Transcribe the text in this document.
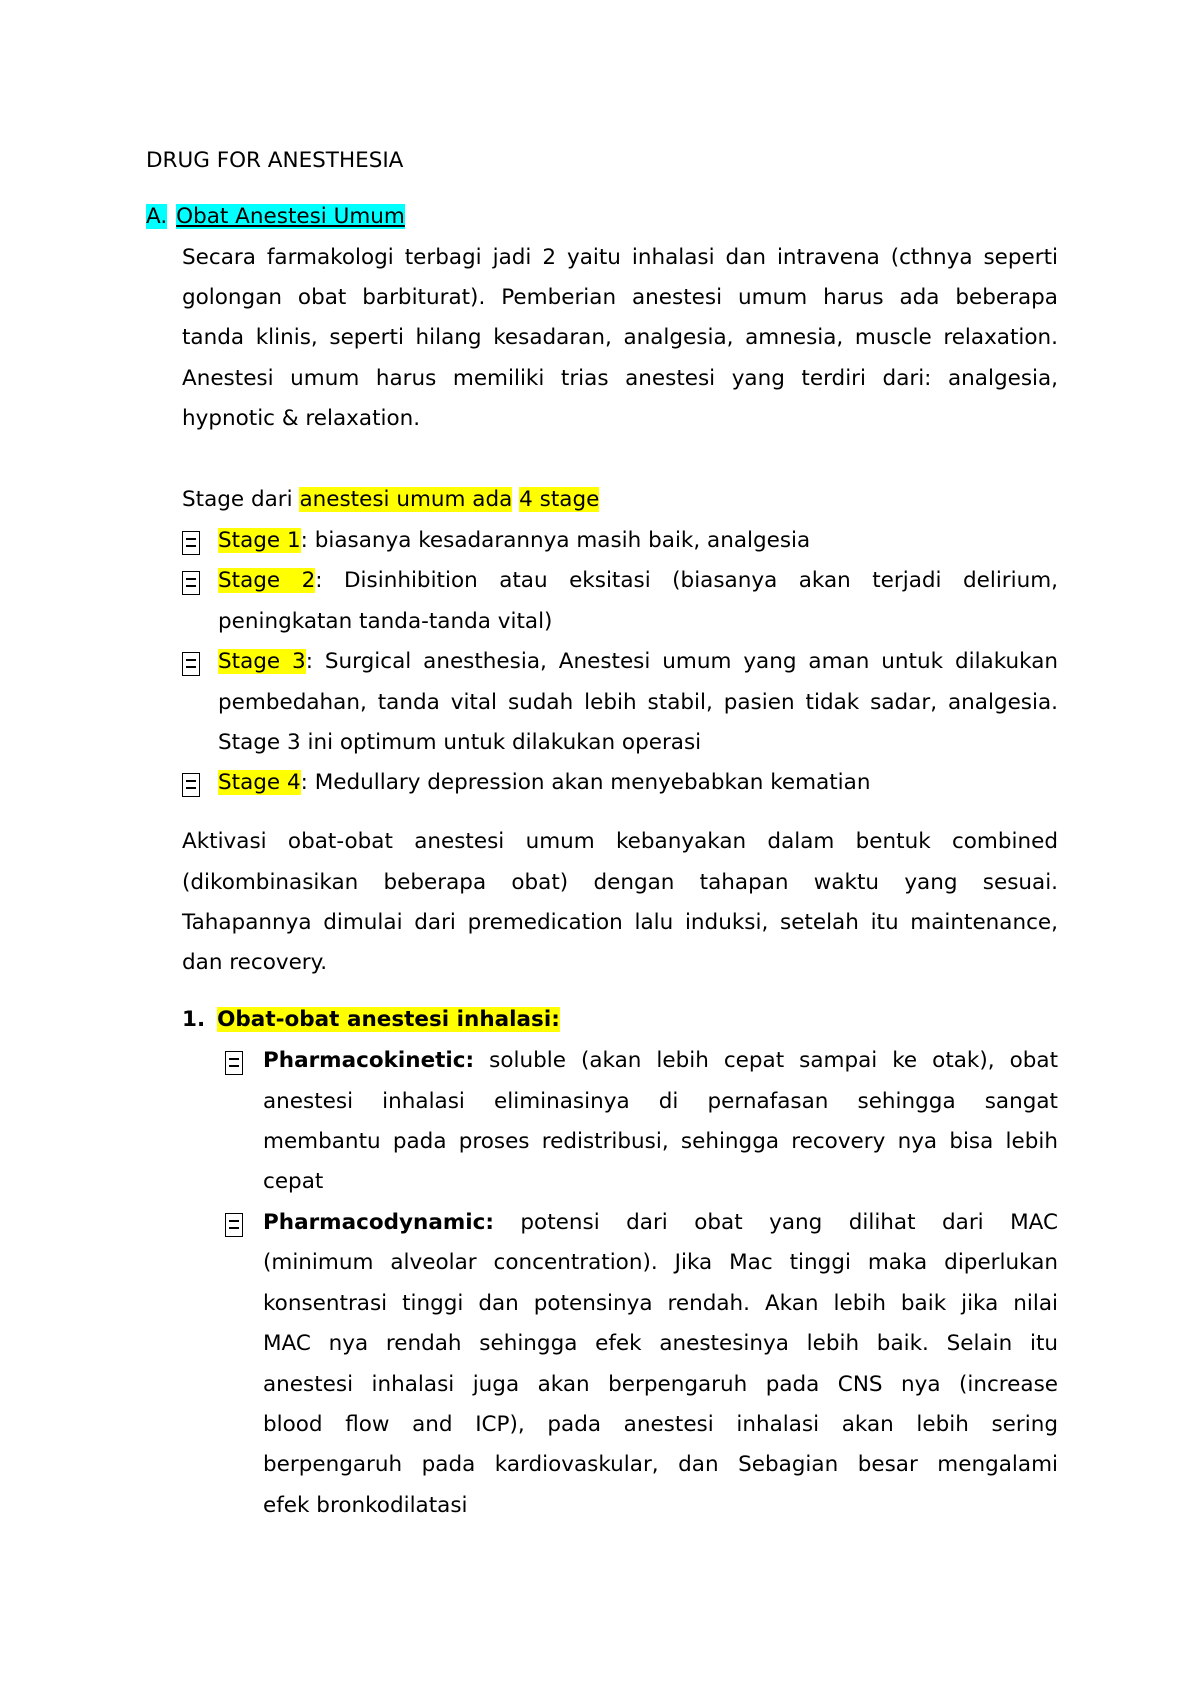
DRUG FOR ANESTHESIA
A. Obat Anestesi Umum
Secara farmakologi terbagi jadi 2 yaitu inhalasi dan intravena (cthnya seperti
golongan obat barbiturat). Pemberian anestesi umum harus ada beberapa
tanda klinis, seperti hilang kesadaran, analgesia, amnesia, muscle relaxation.
Anestesi umum harus memiliki trias anestesi yang terdiri dari: analgesia,
hypnotic & relaxation.
Stage dari anestesi umum ada 4 stage
Stage 1: biasanya kesadarannya masih baik, analgesia
Stage 2: Disinhibition atau eksitasi (biasanya akan terjadi delirium,
peningkatan tanda-tanda vital)
Stage 3: Surgical anesthesia, Anestesi umum yang aman untuk dilakukan
pembedahan, tanda vital sudah lebih stabil, pasien tidak sadar, analgesia.
Stage 3 ini optimum untuk dilakukan operasi
Stage 4: Medullary depression akan menyebabkan kematian
Aktivasi obat-obat anestesi umum kebanyakan dalam bentuk combined
(dikombinasikan beberapa obat) dengan tahapan waktu yang sesuai.
Tahapannya dimulai dari premedication lalu induksi, setelah itu maintenance,
dan recovery.
1. Obat-obat anestesi inhalasi:
Pharmacokinetic: soluble (akan lebih cepat sampai ke otak), obat
anestesi inhalasi eliminasinya di pernafasan sehingga sangat
membantu pada proses redistribusi, sehingga recovery nya bisa lebih
cepat
Pharmacodynamic: potensi dari obat yang dilihat dari MAC
(minimum alveolar concentration). Jika Mac tinggi maka diperlukan
konsentrasi tinggi dan potensinya rendah. Akan lebih baik jika nilai
MAC nya rendah sehingga efek anestesinya lebih baik. Selain itu
anestesi inhalasi juga akan berpengaruh pada CNS nya (increase
blood flow and ICP), pada anestesi inhalasi akan lebih sering
berpengaruh pada kardiovaskular, dan Sebagian besar mengalami
efek bronkodilatasi
